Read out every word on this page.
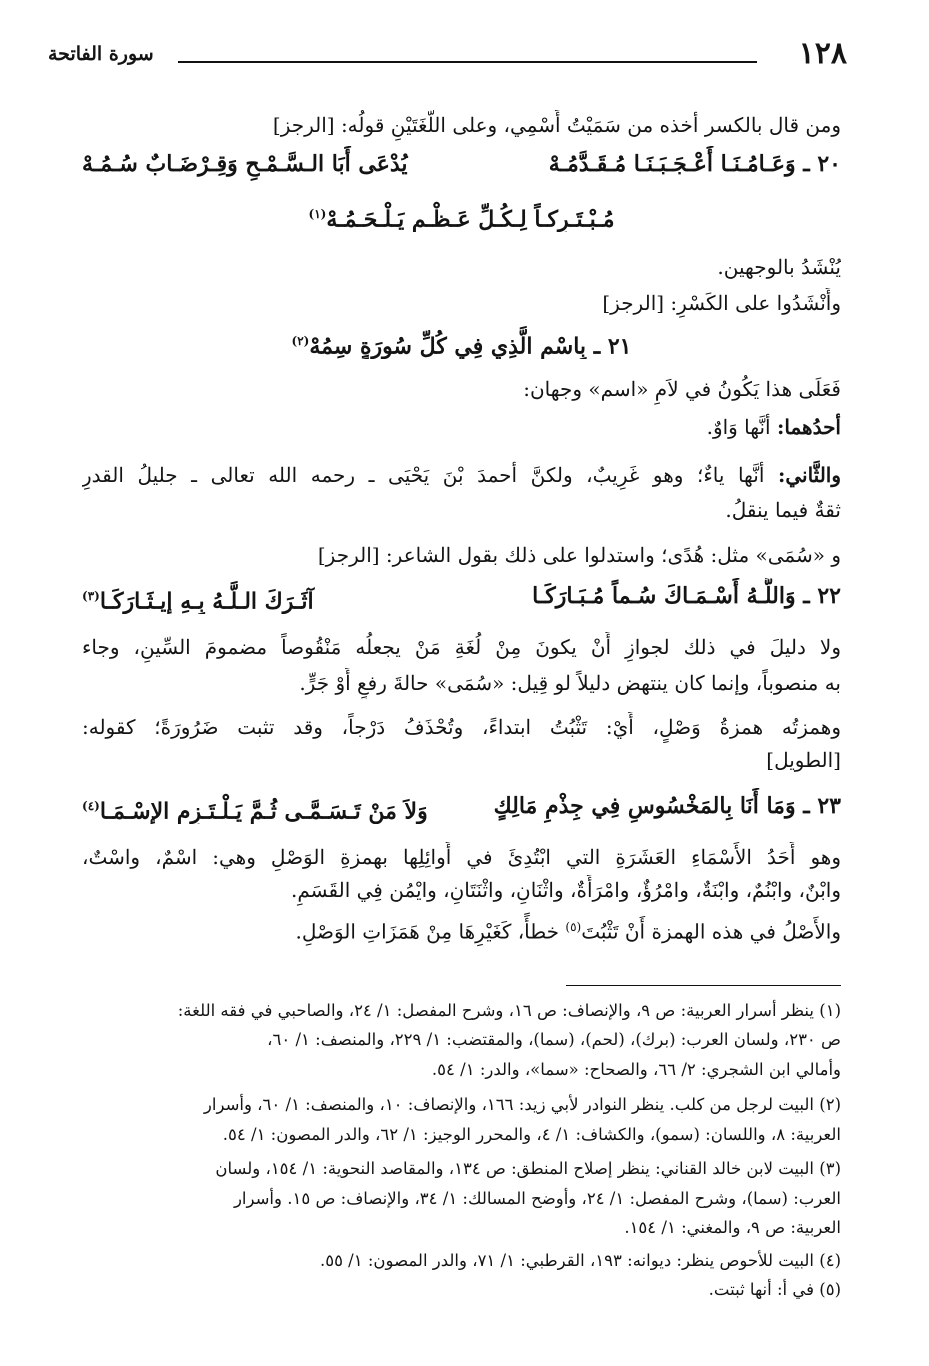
١٢٨
سورة الفاتحة
ومن قال بالكسر أخذه من سَمَيْتُ أَسْمِي، وعلى اللُّغَتَيْنِ قولُه: [الرجز]
٢٠ ـ وَعَـامُـنَـا أَعْـجَـبَـنَـا مُـقَـدَّمُـهْ
يُدْعَى أَبَا الـسَّـمْـحِ وَقِـرْضَـابٌ سُـمُـهْ
مُـبْـتَـرِكـاً لِـكُـلِّ عَـظْـمٍ يَـلْـحَـمُـهْ$^{(١)}$
يُنْشَدُ بالوجهين.
وأَنْشَدُوا على الكَسْرِ: [الرجز]
٢١ ـ بِاسْمِ الَّذِي فِي كُلِّ سُورَةٍ سِمُهْ$^{(٢)}$
فَعَلَى هذا يَكُونُ في لاَمِ «اسم» وجهان:
أحدُهما: أنَّها وَاوٌ.
والثَّاني: أنَّها ياءٌ؛ وهو غَرِيبٌ، ولكنَّ أحمدَ بْنَ يَحْيَى ـ رحمه الله تعالى ـ جليلُ القدرِ
ثقةٌ فيما ينقلُ.
و «سُمَى» مثل: هُدًى؛ واستدلوا على ذلك بقول الشاعر: [الرجز]
٢٢ ـ وَاللَّـهُ أَسْـمَـاكَ سُـماً مُـبَـارَكَـا
آثَـرَكَ الـلَّـهُ بِـهِ إِيـثَـارَكَـا$^{(٣)}$
ولا دليلَ في ذلك لجوازِ أَنْ يكونَ مِنْ لُغَةِ مَنْ يجعلُه مَنْقُوصاً مضمومَ السِّينِ، وجاء
به منصوباً، وإنما كان ينتهض دليلاً لو قِيل: «سُمَى» حالةَ رفعٍ أَوْ جَرٍّ.
وهمزتُه همزةُ وَصْلٍ، أَيْ: تَثْبُتُ ابتداءً، وتُحْذَفُ دَرْجاً، وقد تثبت ضَرُورَةً؛ كقوله:
[الطويل]
٢٣ ـ وَمَا أَنَا بِالمَخْسُوسِ فِي جِذْمِ مَالِكٍ
وَلاَ مَنْ تَـسَـمَّـى ثُـمَّ يَـلْـتَـزِمِ الإِسْـمَـا$^{(٤)}$
وهو أَحَدُ الأَسْمَاءِ العَشَرَةِ التي ابْتُدِئَ في أَوائِلِها بهمزةِ الوَصْلِ وهي: اسْمٌ، واسْتٌ،
وابْنٌ، وابْنُمٌ، وابْنَةٌ، وامْرُؤٌ، وامْرَأَةٌ، واثْنَانِ، واثْنَتَانِ، وايْمُن فِي القَسَمِ.
والأَصْلُ في هذه الهمزة أَنْ تَثْبُتَ$^{(٥)}$ خطأً، كَغَيْرِهَا مِنْ هَمَزَاتِ الوَصْلِ.
(١) ينظر أسرار العربية: ص ٩، والإنصاف: ص ١٦، وشرح المفصل: ١/ ٢٤، والصاحبي في فقه اللغة:
ص ٢٣٠، ولسان العرب: (برك)، (لحم)، (سما)، والمقتضب: ١/ ٢٢٩، والمنصف: ١/ ٦٠،
وأمالي ابن الشجري: ٢/ ٦٦، والصحاح: «سما»، والدر: ١/ ٥٤.
(٢) البيت لرجل من كلب. ينظر النوادر لأبي زيد: ١٦٦، والإنصاف: ١٠، والمنصف: ١/ ٦٠، وأسرار
العربية: ٨، واللسان: (سمو)، والكشاف: ١/ ٤، والمحرر الوجيز: ١/ ٦٢، والدر المصون: ١/ ٥٤.
(٣) البيت لابن خالد القناني: ينظر إصلاح المنطق: ص ١٣٤، والمقاصد النحوية: ١/ ١٥٤، ولسان
العرب: (سما)، وشرح المفصل: ١/ ٢٤، وأوضح المسالك: ١/ ٣٤، والإنصاف: ص ١٥. وأسرار
العربية: ص ٩، والمغني: ١/ ١٥٤.
(٤) البيت للأحوص ينظر: ديوانه: ١٩٣، القرطبي: ١/ ٧١، والدر المصون: ١/ ٥٥.
(٥) في أ: أنها ثبتت.
